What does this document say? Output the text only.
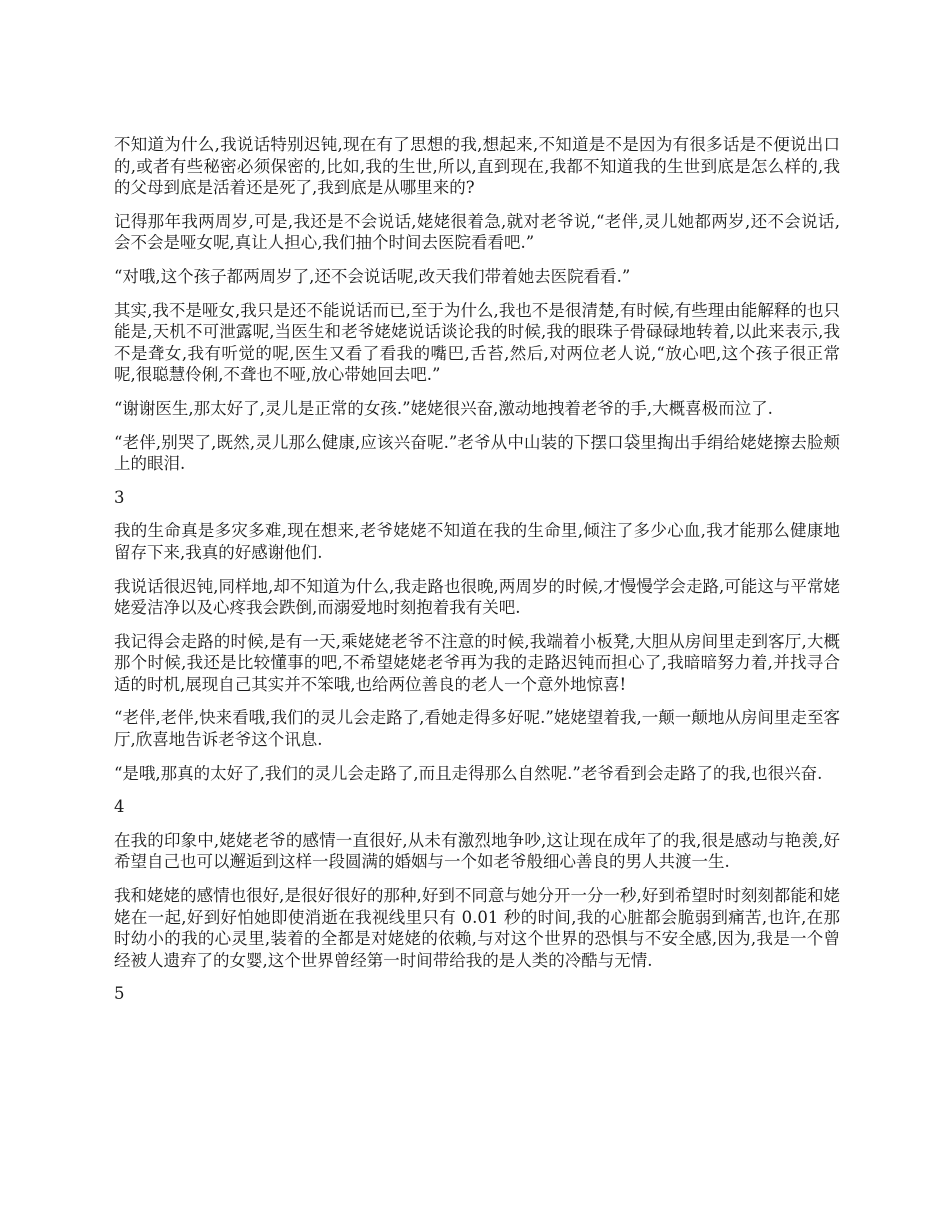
不知道为什么,我说话特别迟钝,现在有了思想的我,想起来,不知道是不是因为有很多话是不便说出口的,或者有些秘密必须保密的,比如,我的生世,所以,直到现在,我都不知道我的生世到底是怎么样的,我的父母到底是活着还是死了,我到底是从哪里来的?

记得那年我两周岁,可是,我还是不会说话,姥姥很着急,就对老爷说,“老伴,灵儿她都两岁,还不会说话,会不会是哑女呢,真让人担心,我们抽个时间去医院看看吧.”

“对哦,这个孩子都两周岁了,还不会说话呢,改天我们带着她去医院看看.”

其实,我不是哑女,我只是还不能说话而已,至于为什么,我也不是很清楚,有时候,有些理由能解释的也只能是,天机不可泄露呢,当医生和老爷姥姥说话谈论我的时候,我的眼珠子骨碌碌地转着,以此来表示,我不是聋女,我有听觉的呢,医生又看了看我的嘴巴,舌苔,然后,对两位老人说,“放心吧,这个孩子很正常呢,很聪慧伶俐,不聋也不哑,放心带她回去吧.”

“谢谢医生,那太好了,灵儿是正常的女孩.”姥姥很兴奋,激动地拽着老爷的手,大概喜极而泣了.

“老伴,别哭了,既然,灵儿那么健康,应该兴奋呢.”老爷从中山装的下摆口袋里掏出手绢给姥姥擦去脸颊上的眼泪.

3

我的生命真是多灾多难,现在想来,老爷姥姥不知道在我的生命里,倾注了多少心血,我才能那么健康地留存下来,我真的好感谢他们.

我说话很迟钝,同样地,却不知道为什么,我走路也很晚,两周岁的时候,才慢慢学会走路,可能这与平常姥姥爱洁净以及心疼我会跌倒,而溺爱地时刻抱着我有关吧.

我记得会走路的时候,是有一天,乘姥姥老爷不注意的时候,我端着小板凳,大胆从房间里走到客厅,大概那个时候,我还是比较懂事的吧,不希望姥姥老爷再为我的走路迟钝而担心了,我暗暗努力着,并找寻合适的时机,展现自己其实并不笨哦,也给两位善良的老人一个意外地惊喜!

“老伴,老伴,快来看哦,我们的灵儿会走路了,看她走得多好呢.”姥姥望着我,一颠一颠地从房间里走至客厅,欣喜地告诉老爷这个讯息.

“是哦,那真的太好了,我们的灵儿会走路了,而且走得那么自然呢.”老爷看到会走路了的我,也很兴奋.

4

在我的印象中,姥姥老爷的感情一直很好,从未有激烈地争吵,这让现在成年了的我,很是感动与艳羡,好希望自己也可以邂逅到这样一段圆满的婚姻与一个如老爷般细心善良的男人共渡一生.

我和姥姥的感情也很好,是很好很好的那种,好到不同意与她分开一分一秒,好到希望时时刻刻都能和姥姥在一起,好到好怕她即使消逝在我视线里只有 0.01 秒的时间,我的心脏都会脆弱到痛苦,也许,在那时幼小的我的心灵里,装着的全都是对姥姥的依赖,与对这个世界的恐惧与不安全感,因为,我是一个曾经被人遗弃了的女婴,这个世界曾经第一时间带给我的是人类的冷酷与无情.

5
